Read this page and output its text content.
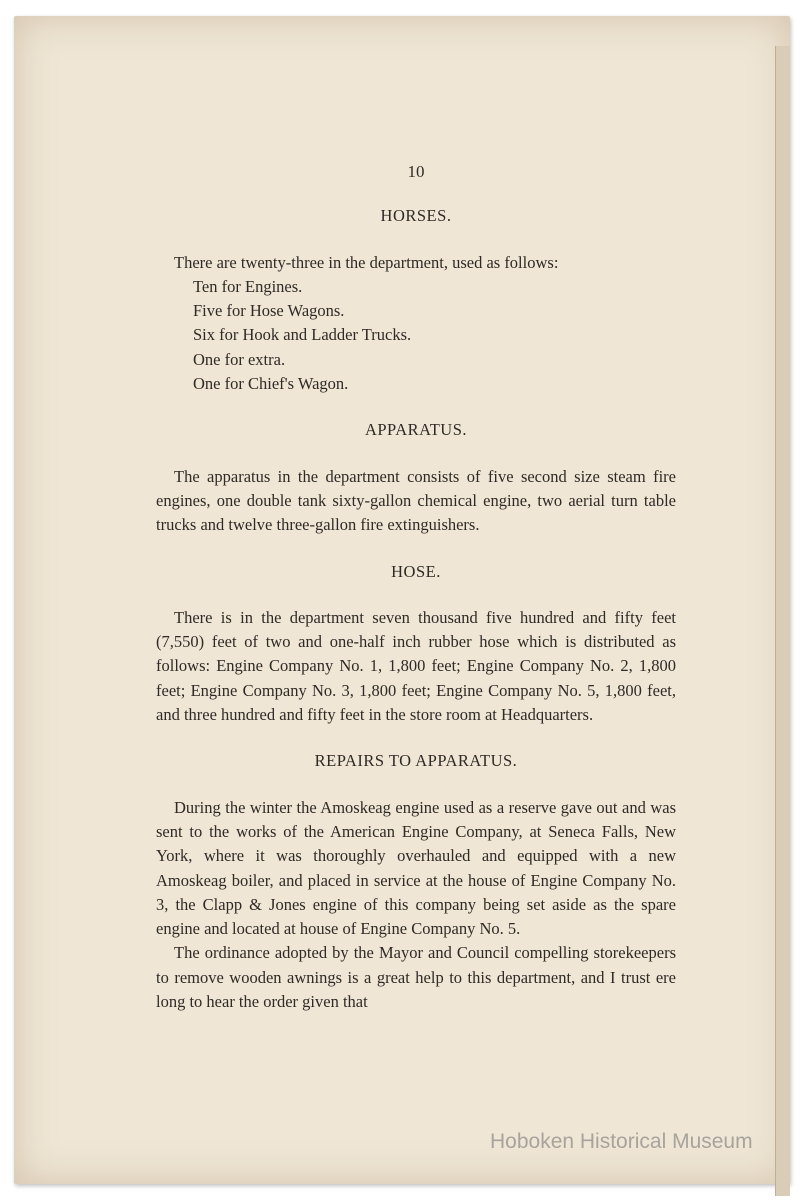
10
HORSES.
There are twenty-three in the department, used as follows:
Ten for Engines.
Five for Hose Wagons.
Six for Hook and Ladder Trucks.
One for extra.
One for Chief's Wagon.
APPARATUS.
The apparatus in the department consists of five second size steam fire engines, one double tank sixty-gallon chemical engine, two aerial turn table trucks and twelve three-gallon fire extinguishers.
HOSE.
There is in the department seven thousand five hundred and fifty feet (7,550) feet of two and one-half inch rubber hose which is distributed as follows: Engine Company No. 1, 1,800 feet; Engine Company No. 2, 1,800 feet; Engine Company No. 3, 1,800 feet; Engine Company No. 5, 1,800 feet, and three hundred and fifty feet in the store room at Headquarters.
REPAIRS TO APPARATUS.
During the winter the Amoskeag engine used as a reserve gave out and was sent to the works of the American Engine Company, at Seneca Falls, New York, where it was thoroughly overhauled and equipped with a new Amoskeag boiler, and placed in service at the house of Engine Company No. 3, the Clapp & Jones engine of this company being set aside as the spare engine and located at house of Engine Company No. 5.
The ordinance adopted by the Mayor and Council compelling storekeepers to remove wooden awnings is a great help to this department, and I trust ere long to hear the order given that
Hoboken Historical Museum
